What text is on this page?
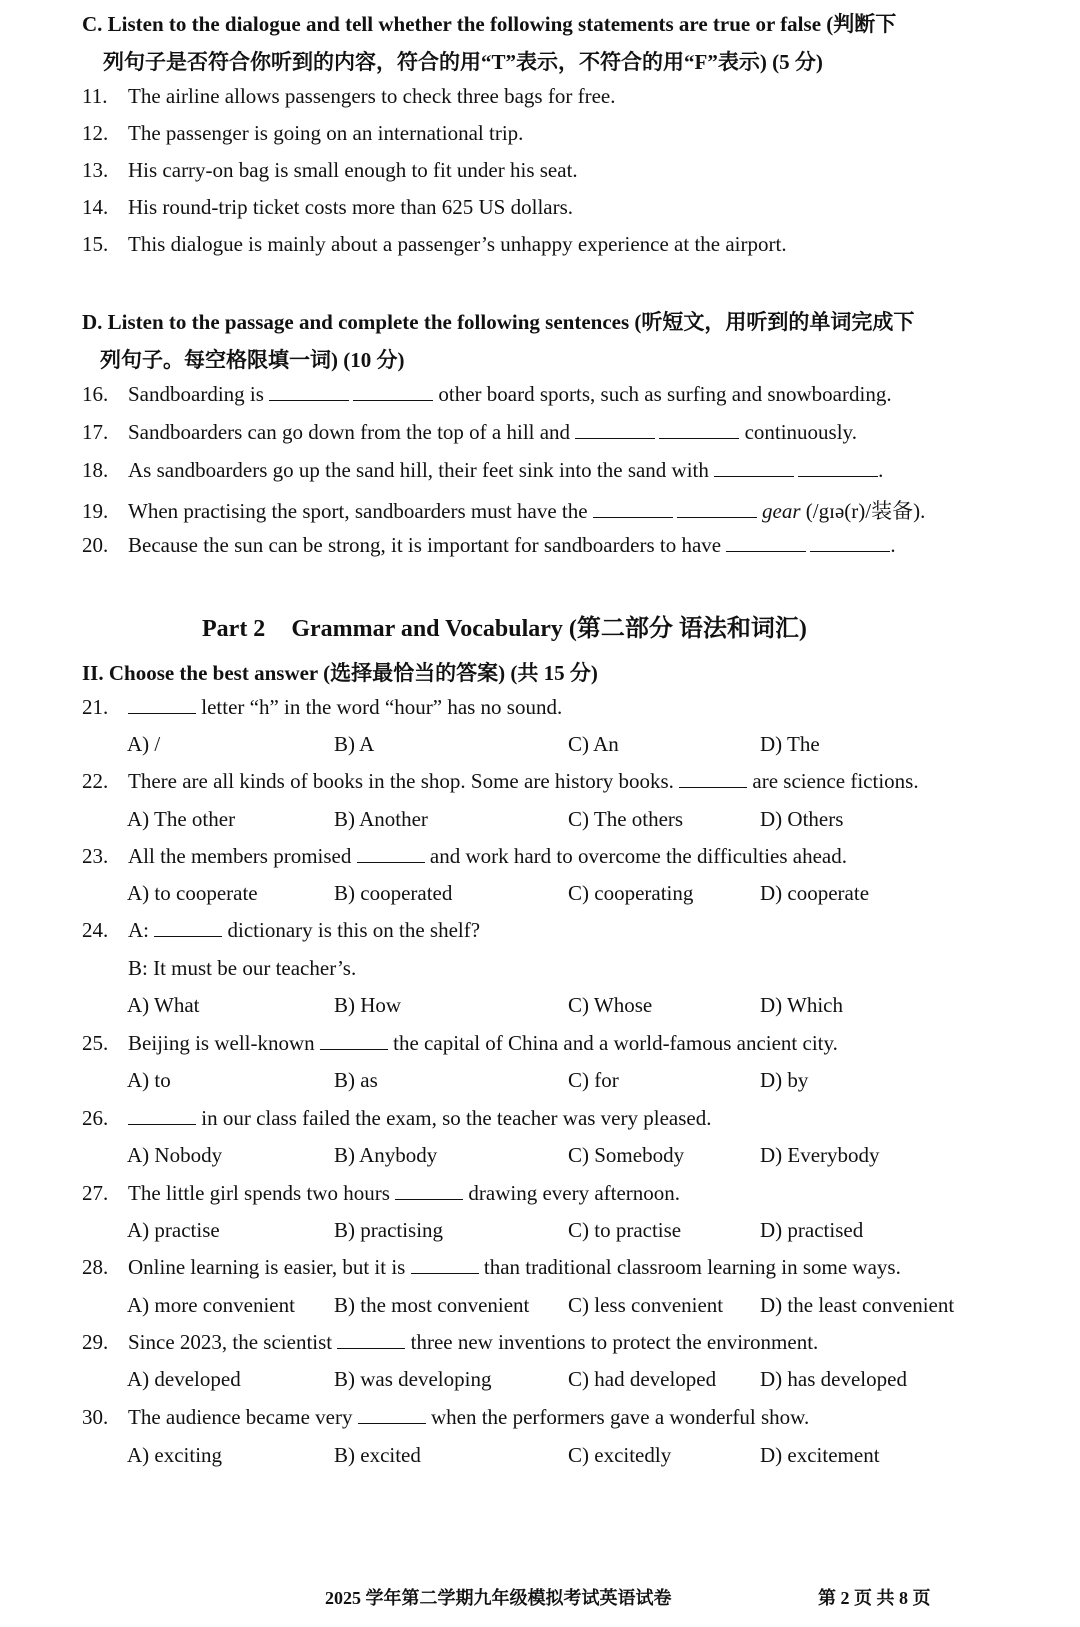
C. Listen to the dialogue and tell whether the following statements are true or false (判断下
列句子是否符合你听到的内容，符合的用“T”表示，不符合的用“F”表示) (5 分)
11. The airline allows passengers to check three bags for free.
12. The passenger is going on an international trip.
13. His carry-on bag is small enough to fit under his seat.
14. His round-trip ticket costs more than 625 US dollars.
15. This dialogue is mainly about a passenger’s unhappy experience at the airport.
D. Listen to the passage and complete the following sentences (听短文，用听到的单词完成下
列句子。每空格限填一词) (10 分)
16. Sandboarding is	other board sports, such as surfing and snowboarding.
17. Sandboarders can go down from the top of a hill and	continuously.
18. As sandboarders go up the sand hill, their feet sink into the sand with	.
19. When practising the sport, sandboarders must have the	gear (/gɪə(r)/装备).
20. Because the sun can be strong, it is important for sandboarders to have	.
Part 2 Grammar and Vocabulary (第二部分 语法和词汇)
II. Choose the best answer (选择最恰当的答案) (共 15 分)
21.	letter “h” in the word “hour” has no sound.
A) /	B) A	C) An	D) The
22. There are all kinds of books in the shop. Some are history books.	are science fictions.
A) The other	B) Another	C) The others	D) Others
23. All the members promised	and work hard to overcome the difficulties ahead.
A) to cooperate	B) cooperated	C) cooperating	D) cooperate
24. A:	dictionary is this on the shelf?
B: It must be our teacher’s.
A) What	B) How	C) Whose	D) Which
25. Beijing is well-known	the capital of China and a world-famous ancient city.
A) to	B) as	C) for	D) by
26.	in our class failed the exam, so the teacher was very pleased.
A) Nobody	B) Anybody	C) Somebody	D) Everybody
27. The little girl spends two hours	drawing every afternoon.
A) practise	B) practising	C) to practise	D) practised
28. Online learning is easier, but it is	than traditional classroom learning in some ways.
A) more convenient B) the most convenient C) less convenient D) the least convenient
29. Since 2023, the scientist	three new inventions to protect the environment.
A) developed	B) was developing	C) had developed D) has developed
30. The audience became very	when the performers gave a wonderful show.
A) exciting	B) excited	C) excitedly	D) excitement
2025 学年第二学期九年级模拟考试英语试卷	第 2 页 共 8 页
